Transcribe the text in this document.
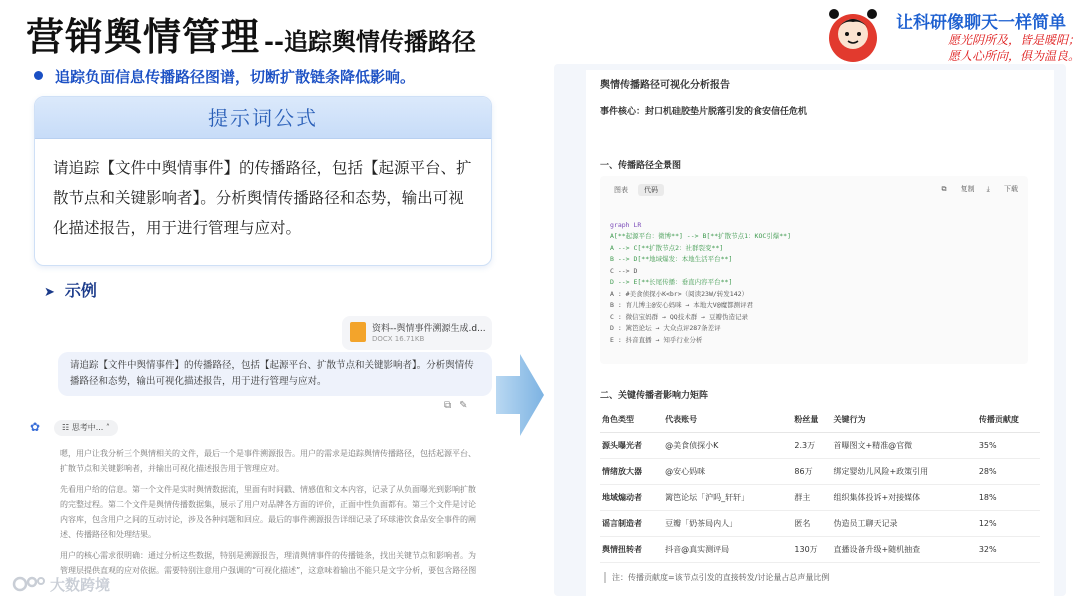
营销舆情管理 --追踪舆情传播路径
让科研像聊天一样简单
愿光阴所及，皆是暖阳；
愿人心所向，俱为温良。
追踪负面信息传播路径图谱，切断扩散链条降低影响。
提示词公式
请追踪【文件中舆情事件】的传播路径，包括【起源平台、扩散节点和关键影响者】。分析舆情传播路径和态势，输出可视化描述报告，用于进行管理与应对。
➤ 示例
资料--舆情事件溯源生成.d...
DOCX 16.71KB
请追踪【文件中舆情事件】的传播路径，包括【起源平台、扩散节点和关键影响者】。分析舆情传播路径和态势，输出可视化描述报告，用于进行管理与应对。
⧉✎
✿	☷ 思考中... ˄
嗯，用户让我分析三个舆情相关的文件，最后一个是事件溯源报告。用户的需求是追踪舆情传播路径，包括起源平台、扩散节点和关键影响者，并输出可视化描述报告用于管理应对。
先看用户给的信息。第一个文件是实时舆情数据流，里面有时间戳、情感值和文本内容，记录了从负面曝光到影响扩散的完整过程。第二个文件是舆情传播数据集，展示了用户对品牌各方面的评价，正面中性负面都有。第三个文件是讨论内容库，包含用户之间的互动讨论，涉及各种问题和回应。最后的事件溯源报告详细记录了环球港饮食品安全事件的阐述、传播路径和处理结果。
用户的核心需求很明确：通过分析这些数据，特别是溯源报告，理清舆情事件的传播链条，找出关键节点和影响者。为管理层提供直观的应对依据。需要特别注意用户强调的“可视化描述”，这意味着输出不能只是文字分析，要包含路径图
舆情传播路径可视化分析报告
事件核心：封口机硅胶垫片脱落引发的食安信任危机
一、传播路径全景图
图表 代码	⧉ 复制 ⤓ 下载

graph LR
A[**起源平台：微博**] --> B[**扩散节点1：KOC引爆**]
A --> C[**扩散节点2：社群裂变**]
B --> D[**地域爆发：本地生活平台**]
C --> D
D --> E[**长尾传播：垂直内容平台**]
A : #美食侦探小K<br>（阅读23W/转发142）
B : 育儿博主@安心妈咪 → 本地大V@魔都测评君
C : 微信宝妈群 → QQ技术群 → 豆瓣伪造记录
D : 篱笆论坛 → 大众点评287条差评
E : 抖音直播 → 知乎行业分析

二、关键传播者影响力矩阵
角色类型	代表账号	粉丝量	关键行为	传播贡献度
源头曝光者	@美食侦探小K	2.3万	首曝图文+精准@官微	35%
情绪放大器	@安心妈咪	86万	绑定婴幼儿风险+政策引用	28%
地域煽动者	篱笆论坛「沪吗_轩轩」	群主	组织集体投诉+对接媒体	18%
谣言制造者	豆瓣「奶茶局内人」	匿名	伪造员工聊天记录	12%
舆情扭转者	抖音@真实测评局	130万	直播设备升级+随机抽查	32%
注：传播贡献度=该节点引发的直接转发/讨论量占总声量比例
大数跨境
